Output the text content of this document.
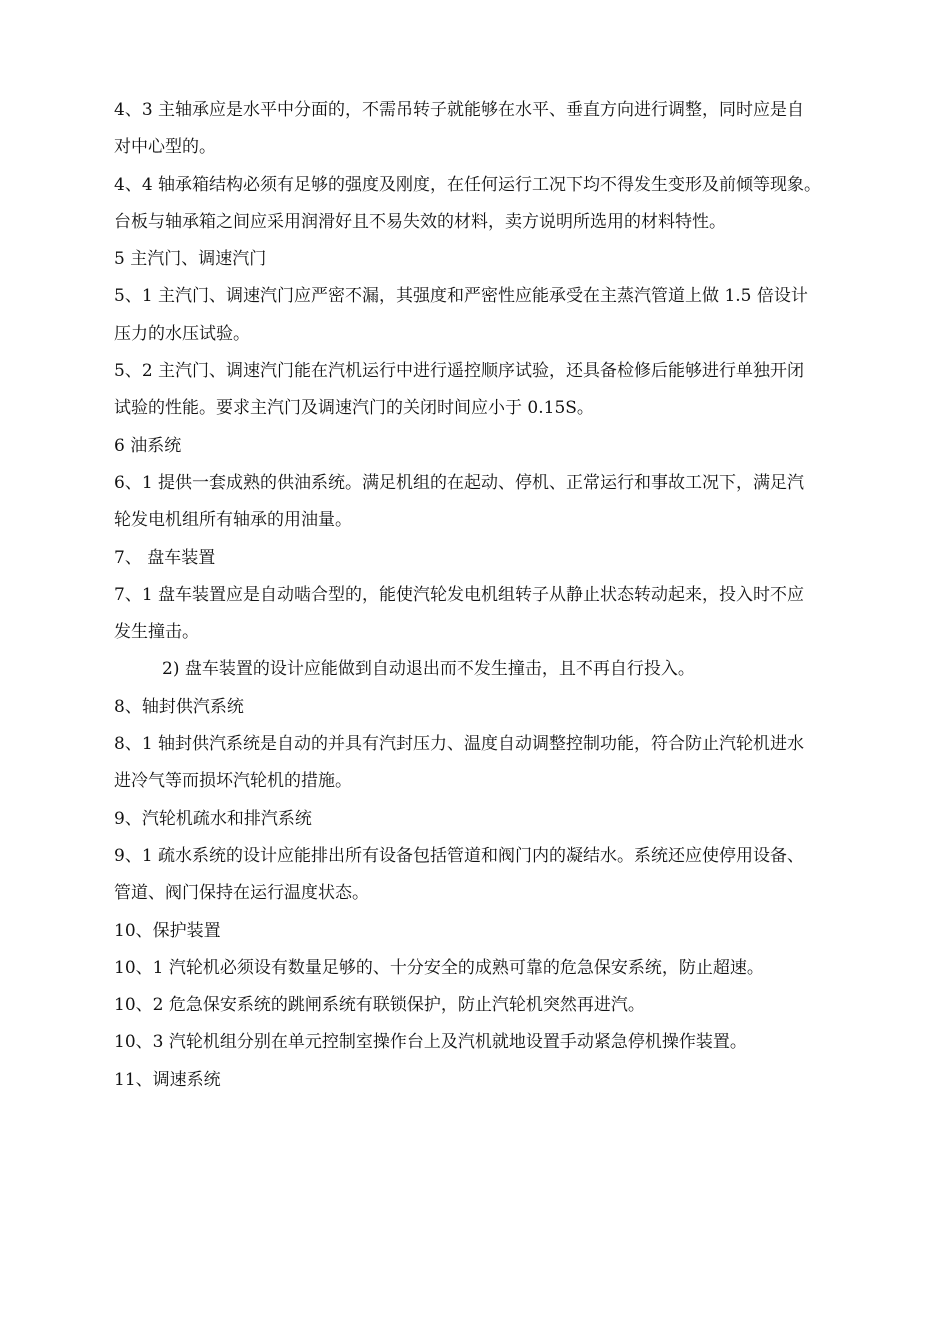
4、3 主轴承应是水平中分面的，不需吊转子就能够在水平、垂直方向进行调整，同时应是自
对中心型的。
4、4 轴承箱结构必须有足够的强度及刚度，在任何运行工况下均不得发生变形及前倾等现象。
台板与轴承箱之间应采用润滑好且不易失效的材料，卖方说明所选用的材料特性。
5 主汽门、调速汽门
5、1 主汽门、调速汽门应严密不漏，其强度和严密性应能承受在主蒸汽管道上做 1.5 倍设计
压力的水压试验。
5、2 主汽门、调速汽门能在汽机运行中进行遥控顺序试验，还具备检修后能够进行单独开闭
试验的性能。要求主汽门及调速汽门的关闭时间应小于 0.15S。
6 油系统
6、1 提供一套成熟的供油系统。满足机组的在起动、停机、正常运行和事故工况下，满足汽
轮发电机组所有轴承的用油量。
7、 盘车装置
7、1 盘车装置应是自动啮合型的，能使汽轮发电机组转子从静止状态转动起来，投入时不应
发生撞击。
2) 盘车装置的设计应能做到自动退出而不发生撞击，且不再自行投入。
8、轴封供汽系统
8、1 轴封供汽系统是自动的并具有汽封压力、温度自动调整控制功能，符合防止汽轮机进水
进冷气等而损坏汽轮机的措施。
9、汽轮机疏水和排汽系统
9、1 疏水系统的设计应能排出所有设备包括管道和阀门内的凝结水。系统还应使停用设备、
管道、阀门保持在运行温度状态。
10、保护装置
10、1 汽轮机必须设有数量足够的、十分安全的成熟可靠的危急保安系统，防止超速。
10、2 危急保安系统的跳闸系统有联锁保护，防止汽轮机突然再进汽。
10、3 汽轮机组分别在单元控制室操作台上及汽机就地设置手动紧急停机操作装置。
11、调速系统
